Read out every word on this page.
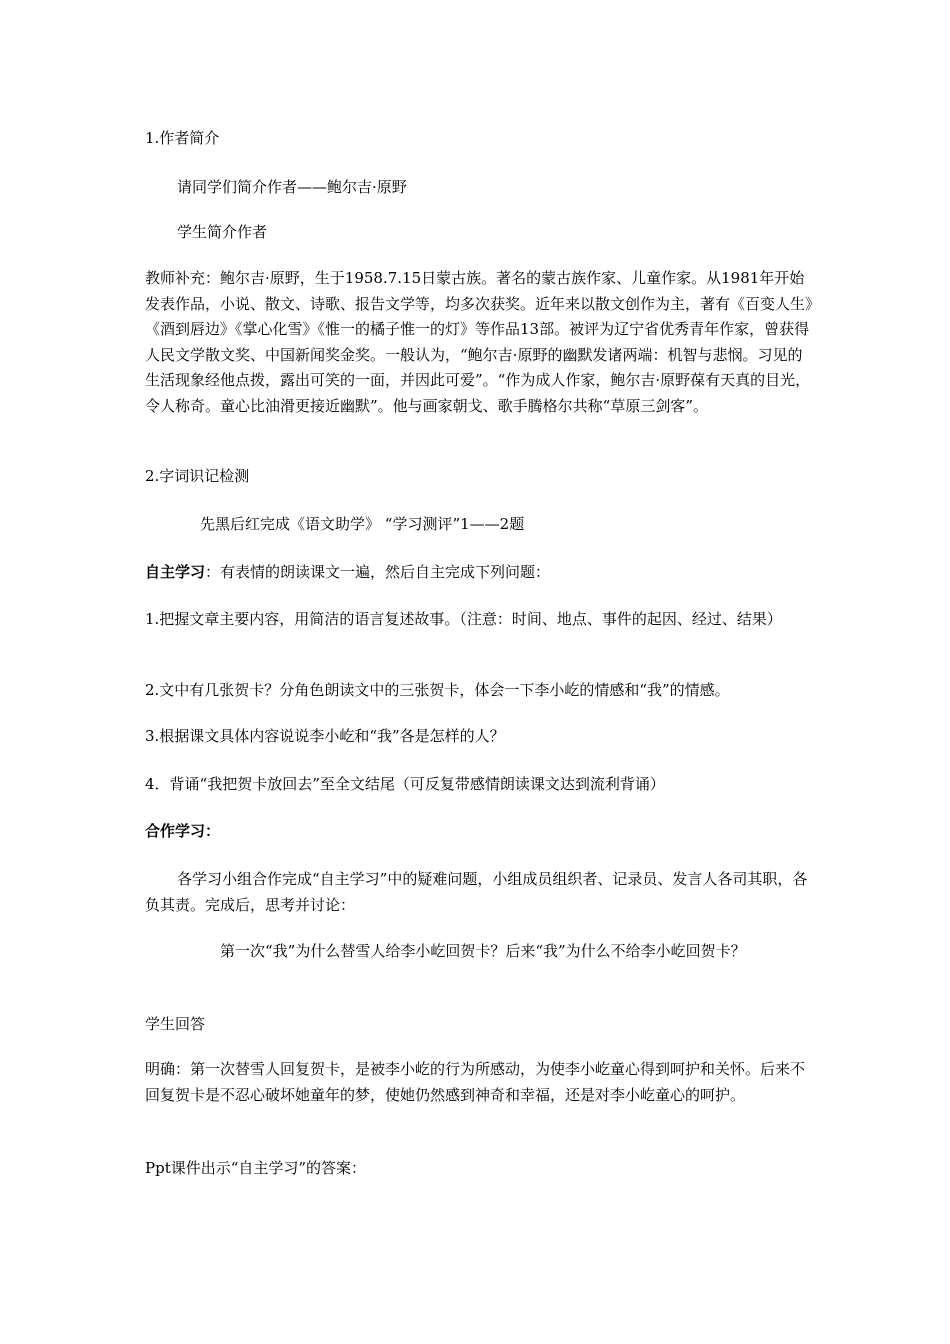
1.作者简介

请同学们简介作者——鲍尔吉·原野

学生简介作者

教师补充：鲍尔吉·原野，生于1958.7.15日蒙古族。著名的蒙古族作家、儿童作家。从1981年开始发表作品，小说、散文、诗歌、报告文学等，均多次获奖。近年来以散文创作为主，著有《百变人生》《酒到唇边》《掌心化雪》《惟一的橘子惟一的灯》等作品13部。被评为辽宁省优秀青年作家，曾获得人民文学散文奖、中国新闻奖金奖。一般认为，“鲍尔吉·原野的幽默发诸两端：机智与悲悯。习见的生活现象经他点拨，露出可笑的一面，并因此可爱”。“作为成人作家，鲍尔吉·原野葆有天真的目光，令人称奇。童心比油滑更接近幽默”。他与画家朝戈、歌手腾格尔共称“草原三剑客”。

2.字词识记检测

先黑后红完成《语文助学》 “学习测评”1——2题

自主学习：有表情的朗读课文一遍，然后自主完成下列问题：

1.把握文章主要内容，用简洁的语言复述故事。（注意：时间、地点、事件的起因、经过、结果）

2.文中有几张贺卡？分角色朗读文中的三张贺卡，体会一下李小屹的情感和“我”的情感。

3.根据课文具体内容说说李小屹和“我”各是怎样的人？

4．背诵“我把贺卡放回去”至全文结尾（可反复带感情朗读课文达到流利背诵）

合作学习：

各学习小组合作完成“自主学习”中的疑难问题，小组成员组织者、记录员、发言人各司其职，各负其责。完成后，思考并讨论：

第一次“我”为什么替雪人给李小屹回贺卡？后来“我”为什么不给李小屹回贺卡？

学生回答

明确：第一次替雪人回复贺卡，是被李小屹的行为所感动，为使李小屹童心得到呵护和关怀。后来不回复贺卡是不忍心破坏她童年的梦，使她仍然感到神奇和幸福，还是对李小屹童心的呵护。

Ppt课件出示“自主学习”的答案：
